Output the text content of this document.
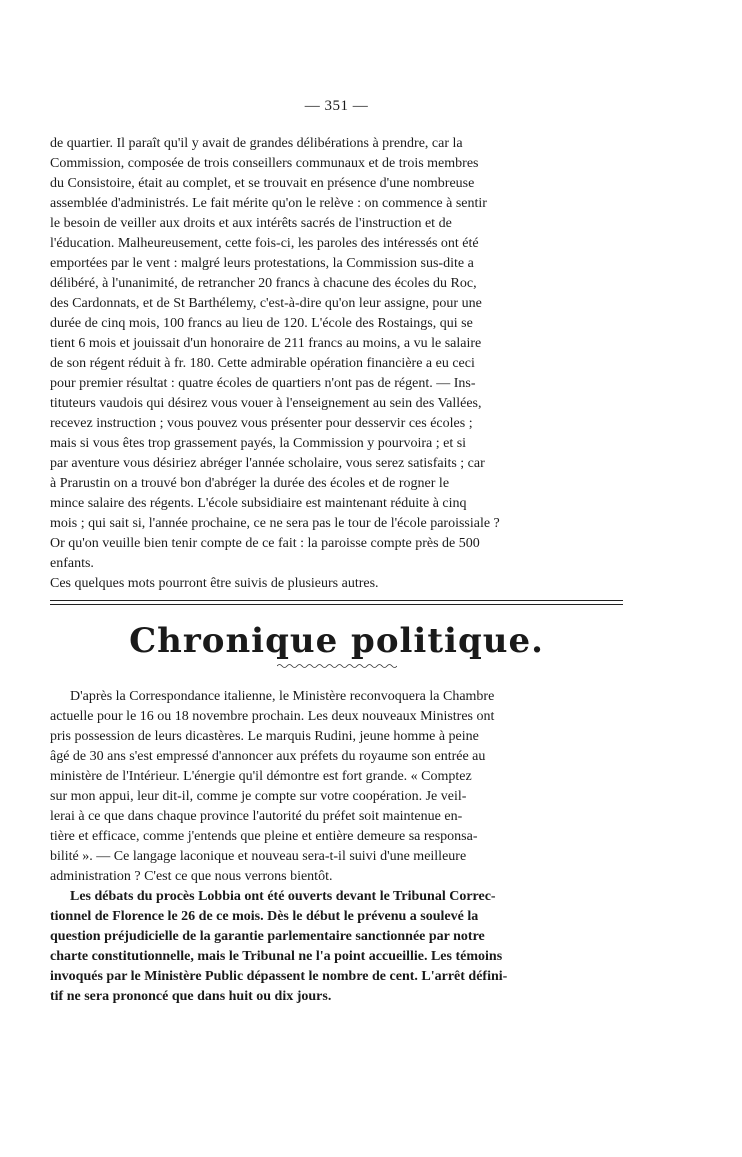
— 351 —

de quartier. Il paraît qu'il y avait de grandes délibérations à prendre, car la

Commission, composée de trois conseillers communaux et de trois membres

du Consistoire, était au complet, et se trouvait en présence d'une nombreuse

assemblée d'administrés. Le fait mérite qu'on le relève : on commence à sentir

le besoin de veiller aux droits et aux intérêts sacrés de l'instruction et de

l'éducation. Malheureusement, cette fois-ci, les paroles des intéressés ont été

emportées par le vent : malgré leurs protestations, la Commission sus-dite a

délibéré, à l'unanimité, de retrancher 20 francs à chacune des écoles du Roc,

des Cardonnats, et de St Barthélemy, c'est-à-dire qu'on leur assigne, pour une

durée de cinq mois, 100 francs au lieu de 120. L'école des Rostaings, qui se

tient 6 mois et jouissait d'un honoraire de 211 francs au moins, a vu le salaire

de son régent réduit à fr. 180. Cette admirable opération financière a eu ceci

pour premier résultat : quatre écoles de quartiers n'ont pas de régent. — Ins-

tituteurs vaudois qui désirez vous vouer à l'enseignement au sein des Vallées,

recevez instruction ; vous pouvez vous présenter pour desservir ces écoles ;

mais si vous êtes trop grassement payés, la Commission y pourvoira ; et si

par aventure vous désiriez abréger l'année scholaire, vous serez satisfaits ; car

à Prarustin on a trouvé bon d'abréger la durée des écoles et de rogner le

mince salaire des régents. L'école subsidiaire est maintenant réduite à cinq

mois ; qui sait si, l'année prochaine, ce ne sera pas le tour de l'école paroissiale ?

Or qu'on veuille bien tenir compte de ce fait : la paroisse compte près de 500

enfants.

Ces quelques mots pourront être suivis de plusieurs autres.

Chronique politique.

D'après la Correspondance italienne, le Ministère reconvoquera la Chambre

actuelle pour le 16 ou 18 novembre prochain. Les deux nouveaux Ministres ont

pris possession de leurs dicastères. Le marquis Rudini, jeune homme à peine

âgé de 30 ans s'est empressé d'annoncer aux préfets du royaume son entrée au

ministère de l'Intérieur. L'énergie qu'il démontre est fort grande. « Comptez

sur mon appui, leur dit-il, comme je compte sur votre coopération. Je veil-

lerai à ce que dans chaque province l'autorité du préfet soit maintenue en-

tière et efficace, comme j'entends que pleine et entière demeure sa responsa-

bilité ». — Ce langage laconique et nouveau sera-t-il suivi d'une meilleure

administration ? C'est ce que nous verrons bientôt.

Les débats du procès Lobbia ont été ouverts devant le Tribunal Correc-

tionnel de Florence le 26 de ce mois. Dès le début le prévenu a soulevé la

question préjudicielle de la garantie parlementaire sanctionnée par notre

charte constitutionnelle, mais le Tribunal ne l'a point accueillie. Les témoins

invoqués par le Ministère Public dépassent le nombre de cent. L'arrêt défini-

tif ne sera prononcé que dans huit ou dix jours.
